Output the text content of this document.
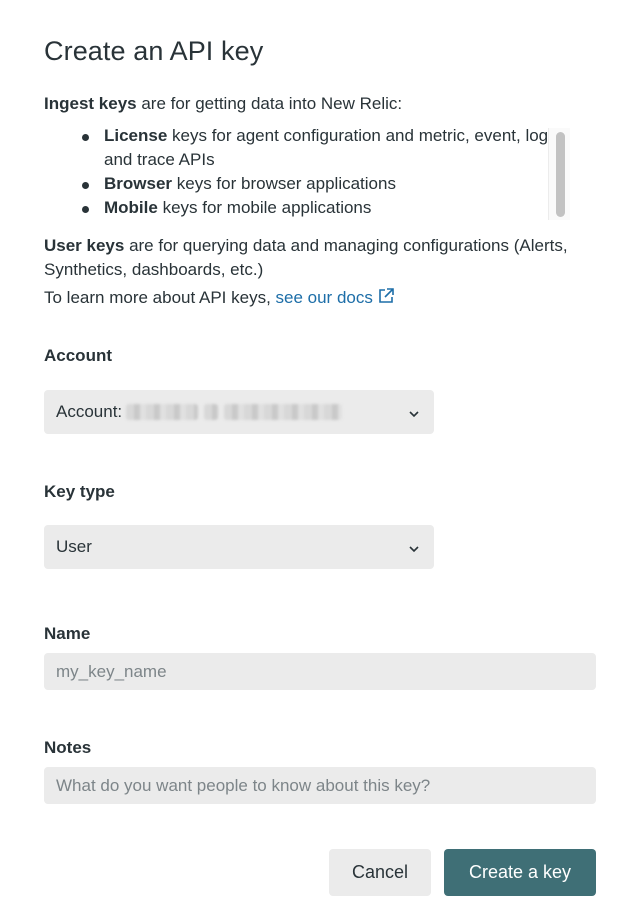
Create an API key

Ingest keys are for getting data into New Relic:

License keys for agent configuration and metric, event, log and trace APIs
Browser keys for browser applications
Mobile keys for mobile applications

User keys are for querying data and managing configurations (Alerts, Synthetics, dashboards, etc.)

To learn more about API keys, see our docs

Account
Account:
Key type
User
Name
my_key_name
Notes
What do you want people to know about this key?
Cancel	Create a key
